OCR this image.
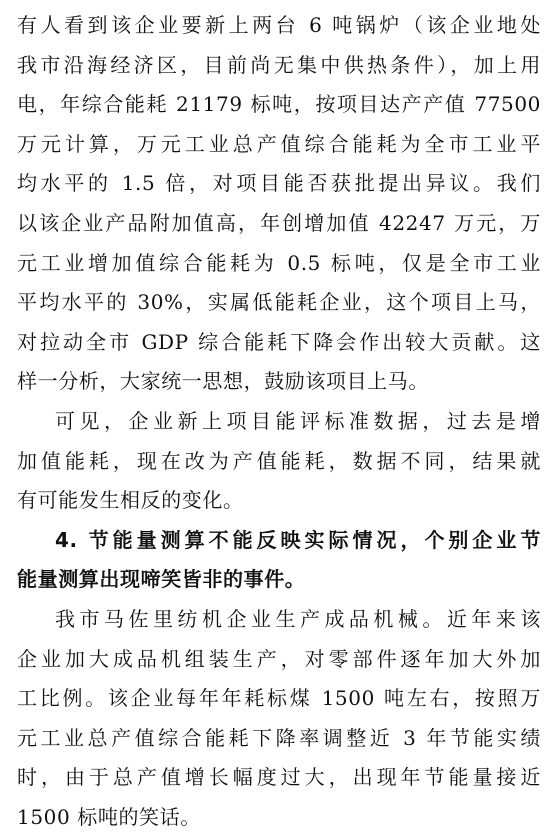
有人看到该企业要新上两台 6 吨锅炉（该企业地处
我市沿海经济区，目前尚无集中供热条件），加上用
电，年综合能耗 21179 标吨，按项目达产产值 77500
万元计算，万元工业总产值综合能耗为全市工业平
均水平的 1.5 倍，对项目能否获批提出异议。我们
以该企业产品附加值高，年创增加值 42247 万元，万
元工业增加值综合能耗为 0.5 标吨，仅是全市工业
平均水平的 30%，实属低能耗企业，这个项目上马，
对拉动全市 GDP 综合能耗下降会作出较大贡献。这
样一分析，大家统一思想，鼓励该项目上马。
可见，企业新上项目能评标准数据，过去是增
加值能耗，现在改为产值能耗，数据不同，结果就
有可能发生相反的变化。
4. 节能量测算不能反映实际情况，个别企业节
能量测算出现啼笑皆非的事件。
我市马佐里纺机企业生产成品机械。近年来该
企业加大成品机组装生产，对零部件逐年加大外加
工比例。该企业每年年耗标煤 1500 吨左右，按照万
元工业总产值综合能耗下降率调整近 3 年节能实绩
时，由于总产值增长幅度过大，出现年节能量接近
1500 标吨的笑话。
